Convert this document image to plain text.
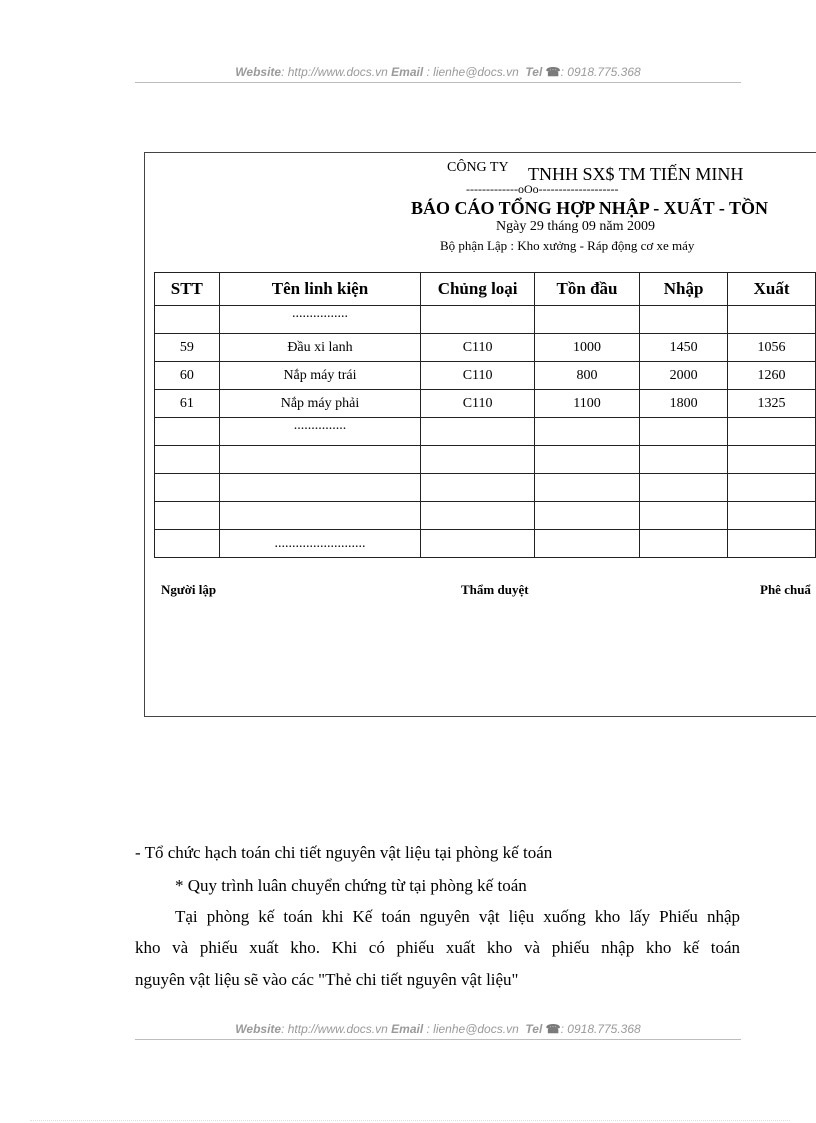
Website: http://www.docs.vn Email : lienhe@docs.vn Tel ☎: 0918.775.368
CÔNG TY TNHH SX$ TM TIẾN MINH
-------------oOo--------------------
BÁO CÁO TỔNG HỢP NHẬP - XUẤT - TỒN
Ngày 29 tháng 09 năm 2009
Bộ phận Lập : Kho xưởng - Ráp động cơ xe máy
STT	Tên linh kiện	Chủng loại	Tồn đầu	Nhập	Xuất
	................				
59	Đầu xi lanh	C110	1000	1450	1056
60	Nắp máy trái	C110	800	2000	1260
61	Nắp máy phải	C110	1100	1800	1325
	...............				

	..........................				
Người lập	Thẩm duyệt	Phê chuẩ
- Tổ chức hạch toán chi tiết nguyên vật liệu tại phòng kế toán
* Quy trình luân chuyển chứng từ tại phòng kế toán
Tại phòng kế toán khi Kế toán nguyên vật liệu xuống kho lấy Phiếu nhập
kho và phiếu xuất kho. Khi có phiếu xuất kho và phiếu nhập kho kế toán
nguyên vật liệu sẽ vào các "Thẻ chi tiết nguyên vật liệu"
Website: http://www.docs.vn Email : lienhe@docs.vn Tel ☎: 0918.775.368
